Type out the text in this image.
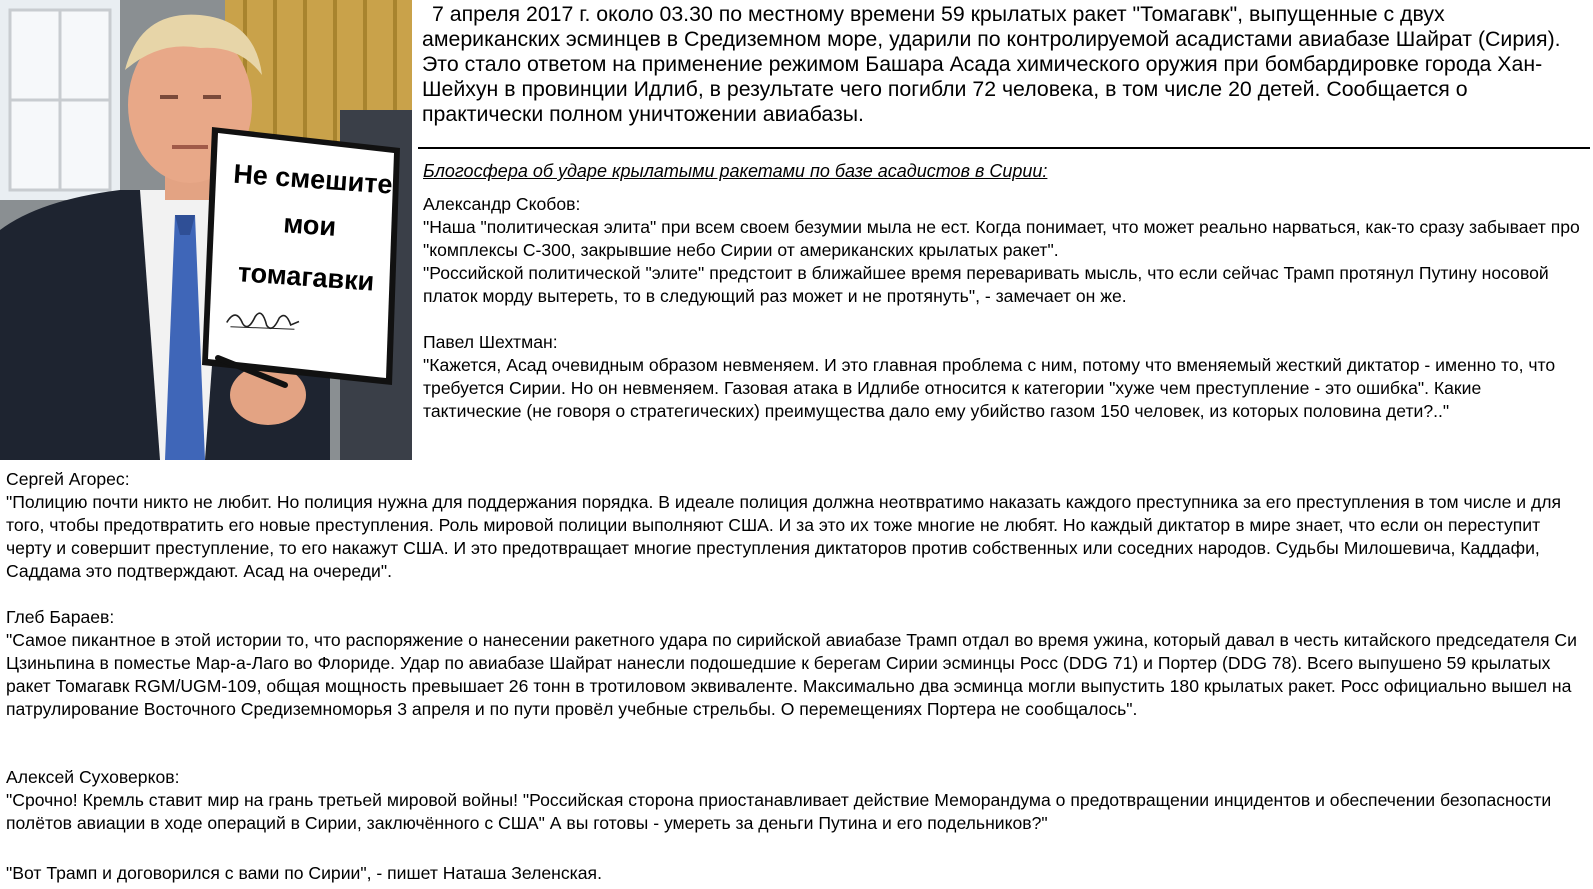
Не смешите
мои
томагавки

7 апреля 2017 г. около 03.30 по местному времени 59 крылатых ракет "Томагавк", выпущенные с двух американских эсминцев в Средиземном море, ударили по контролируемой асадистами авиабазе Шайрат (Сирия). Это стало ответом на применение режимом Башара Асада химического оружия при бомбардировке города Хан-Шейхун в провинции Идлиб, в результате чего погибли 72 человека, в том числе 20 детей. Сообщается о практически полном уничтожении авиабазы.

Блогосфера об ударе крылатыми ракетами по базе асадистов в Сирии:

Александр Скобов:

"Наша "политическая элита" при всем своем безумии мыла не ест. Когда понимает, что может реально нарваться, как-то сразу забывает про "комплексы С-300, закрывшие небо Сирии от американских крылатых ракет".

"Российской политической "элите" предстоит в ближайшее время переваривать мысль, что если сейчас Трамп протянул Путину носовой платок морду вытереть, то в следующий раз может и не протянуть", - замечает он же.

Павел Шехтман:

"Кажется, Асад очевидным образом невменяем. И это главная проблема с ним, потому что вменяемый жесткий диктатор - именно то, что требуется Сирии. Но он невменяем. Газовая атака в Идлибе относится к категории "хуже чем преступление - это ошибка". Какие тактические (не говоря о стратегических) преимущества дало ему убийство газом 150 человек, из которых половина дети?.."

Сергей Агорес:

"Полицию почти никто не любит. Но полиция нужна для поддержания порядка. В идеале полиция должна неотвратимо наказать каждого преступника за его преступления в том числе и для того, чтобы предотвратить его новые преступления. Роль мировой полиции выполняют США. И за это их тоже многие не любят. Но каждый диктатор в мире знает, что если он переступит черту и совершит преступление, то его накажут США. И это предотвращает многие преступления диктаторов против собственных или соседних народов. Судьбы Милошевича, Каддафи, Саддама это подтверждают. Асад на очереди".

Глеб Бараев:

"Самое пикантное в этой истории то, что распоряжение о нанесении ракетного удара по сирийской авиабазе Трамп отдал во время ужина, который давал в честь китайского председателя Си Цзиньпина в поместье Мар-а-Лаго во Флориде. Удар по авиабазе Шайрат нанесли подошедшие к берегам Сирии эсминцы Росс (DDG 71) и Портер (DDG 78). Всего выпушено 59 крылатых ракет Томагавк RGM/UGM-109, общая мощность превышает 26 тонн в тротиловом эквиваленте. Максимально два эсминца могли выпустить 180 крылатых ракет. Росс официально вышел на патрулирование Восточного Средиземноморья 3 апреля и по пути провёл учебные стрельбы. О перемещениях Портера не сообщалось".

Алексей Суховерков:

"Срочно! Кремль ставит мир на грань третьей мировой войны! "Российская сторона приостанавливает действие Меморандума о предотвращении инцидентов и обеспечении безопасности полётов авиации в ходе операций в Сирии, заключённого с США" А вы готовы - умереть за деньги Путина и его подельников?"

"Вот Трамп и договорился с вами по Сирии", - пишет Наташа Зеленская.
